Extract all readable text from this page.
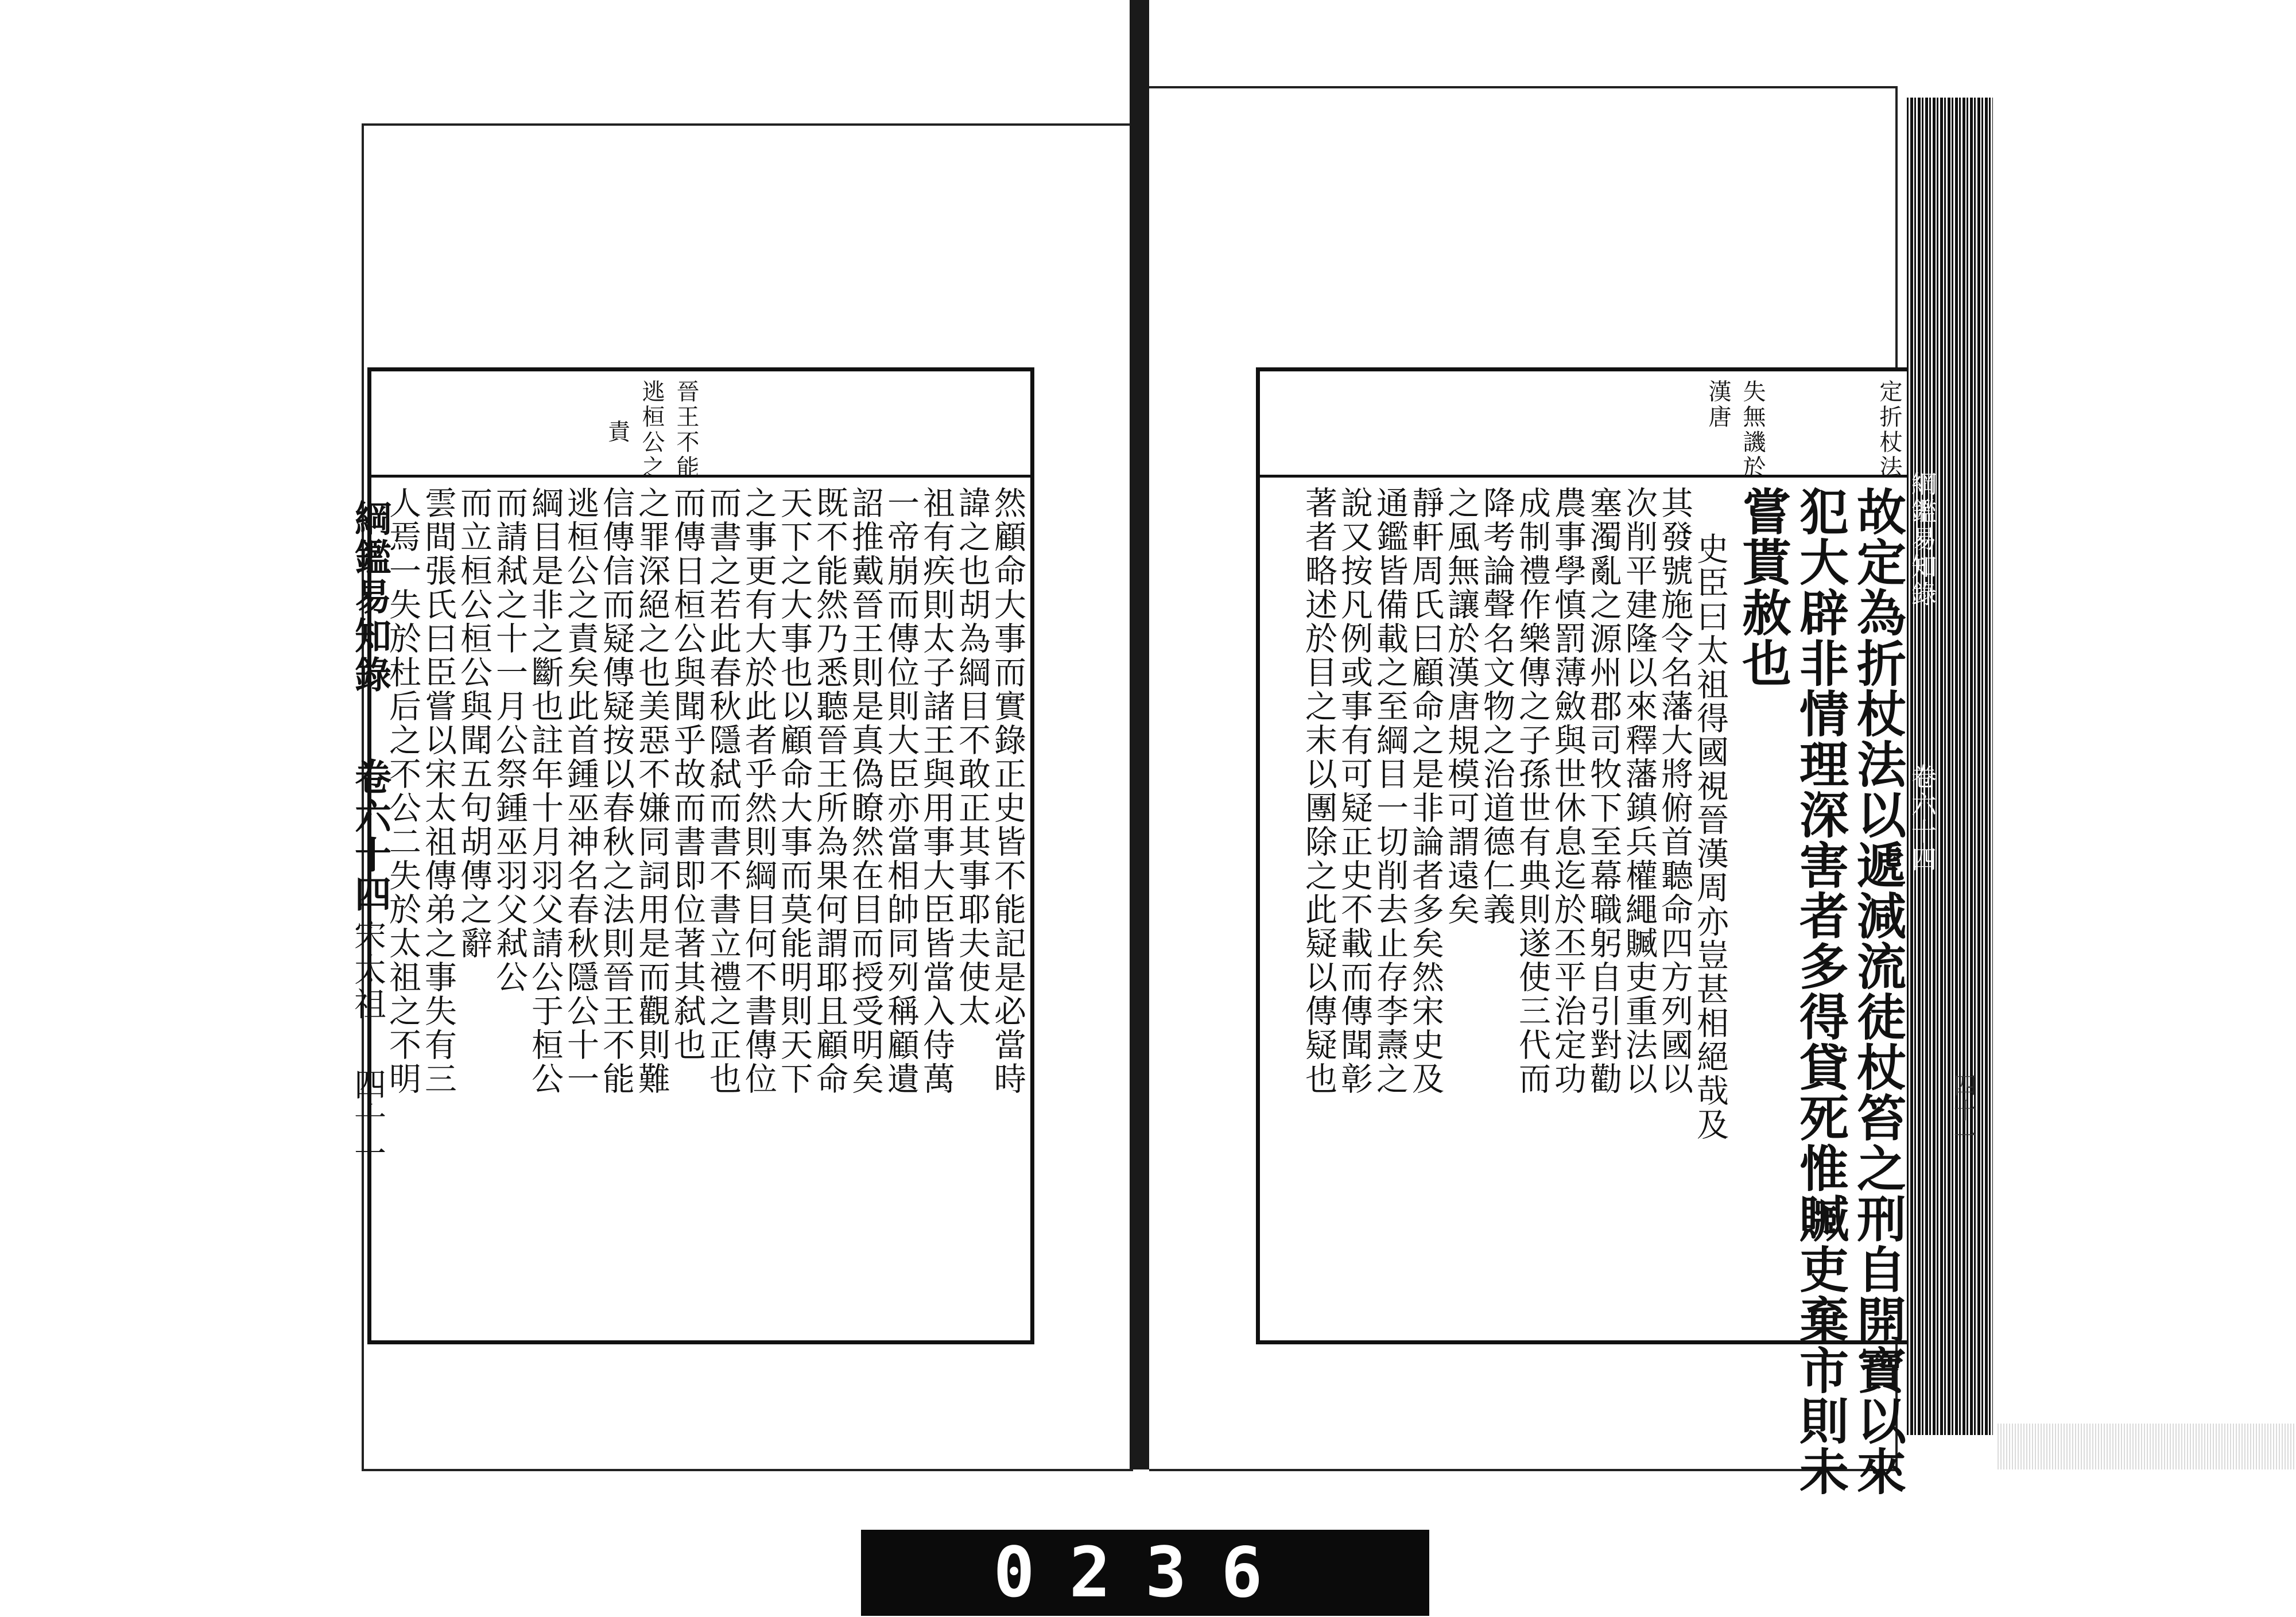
晉王不能
逃桓公之
責
然顧命大事而實錄正史皆不能記是必當時
諱之也胡為綱目不敢正其事耶夫使太
祖有疾則太子諸王與用事大臣皆當入侍萬
一帝崩而傳位則大臣亦當相帥同列稱顧遺
詔推戴晉王則是真偽瞭然在目而授受明矣
既不能然乃悉聽晉王所為果何謂耶且顧命
天下之大事也以顧命大事而莫能明則天下
之事更有大於此者乎然則綱目何不書傳位
而書之若此春秋隱弑而書不書立禮之正也
而傳日桓公與聞乎故而書即位著其弑也
之罪深絕之也美惡不嫌同詞用是而觀則難
信傳信而疑傳疑按以春秋之法則晉王不能
逃桓公之責矣此首鍾巫神名春秋隱公十一
綱目是非之斷也註年十月羽父請公于桓公
而請弒之十一月公祭鍾巫羽父弒公
而立桓公桓公與聞五句胡傳之辭
雲間張氏曰臣嘗以宋太祖傳弟之事失有三
人焉一失於杜后之不公二失於太祖之不明
綱鑑易知錄
卷六十四
宋太祖
四十一
定折杖法
失無譏於
漢唐
故定為折杖法以遞減流徒杖笞之刑自開寶以來
犯大辟非情理深害者多得貸死惟贓吏棄市則未
嘗貰赦也
史臣曰太祖得國視晉漢周亦豈甚相絕哉及
其發號施令名藩大將俯首聽命四方列國以
次削平建隆以來釋藩鎮兵權繩贓吏重法以
塞濁亂之源州郡司牧下至幕職躬自引對勸
農事學慎罰薄斂與世休息迄於丕平治定功
成制禮作樂傳之子孫世有典則遂使三代而
降考論聲名文物之治道德仁義
之風無讓於漢唐規模可謂遠矣
靜軒周氏曰顧命之是非論者多矣然宋史及
通鑑皆備載之至綱目一切削去止存李燾之
說又按凡例或事有可疑正史不載而傳聞彰
著者略述於目之末以團除之此疑以傳疑也	綱鑑易知錄
卷六十四
四十一
0236
